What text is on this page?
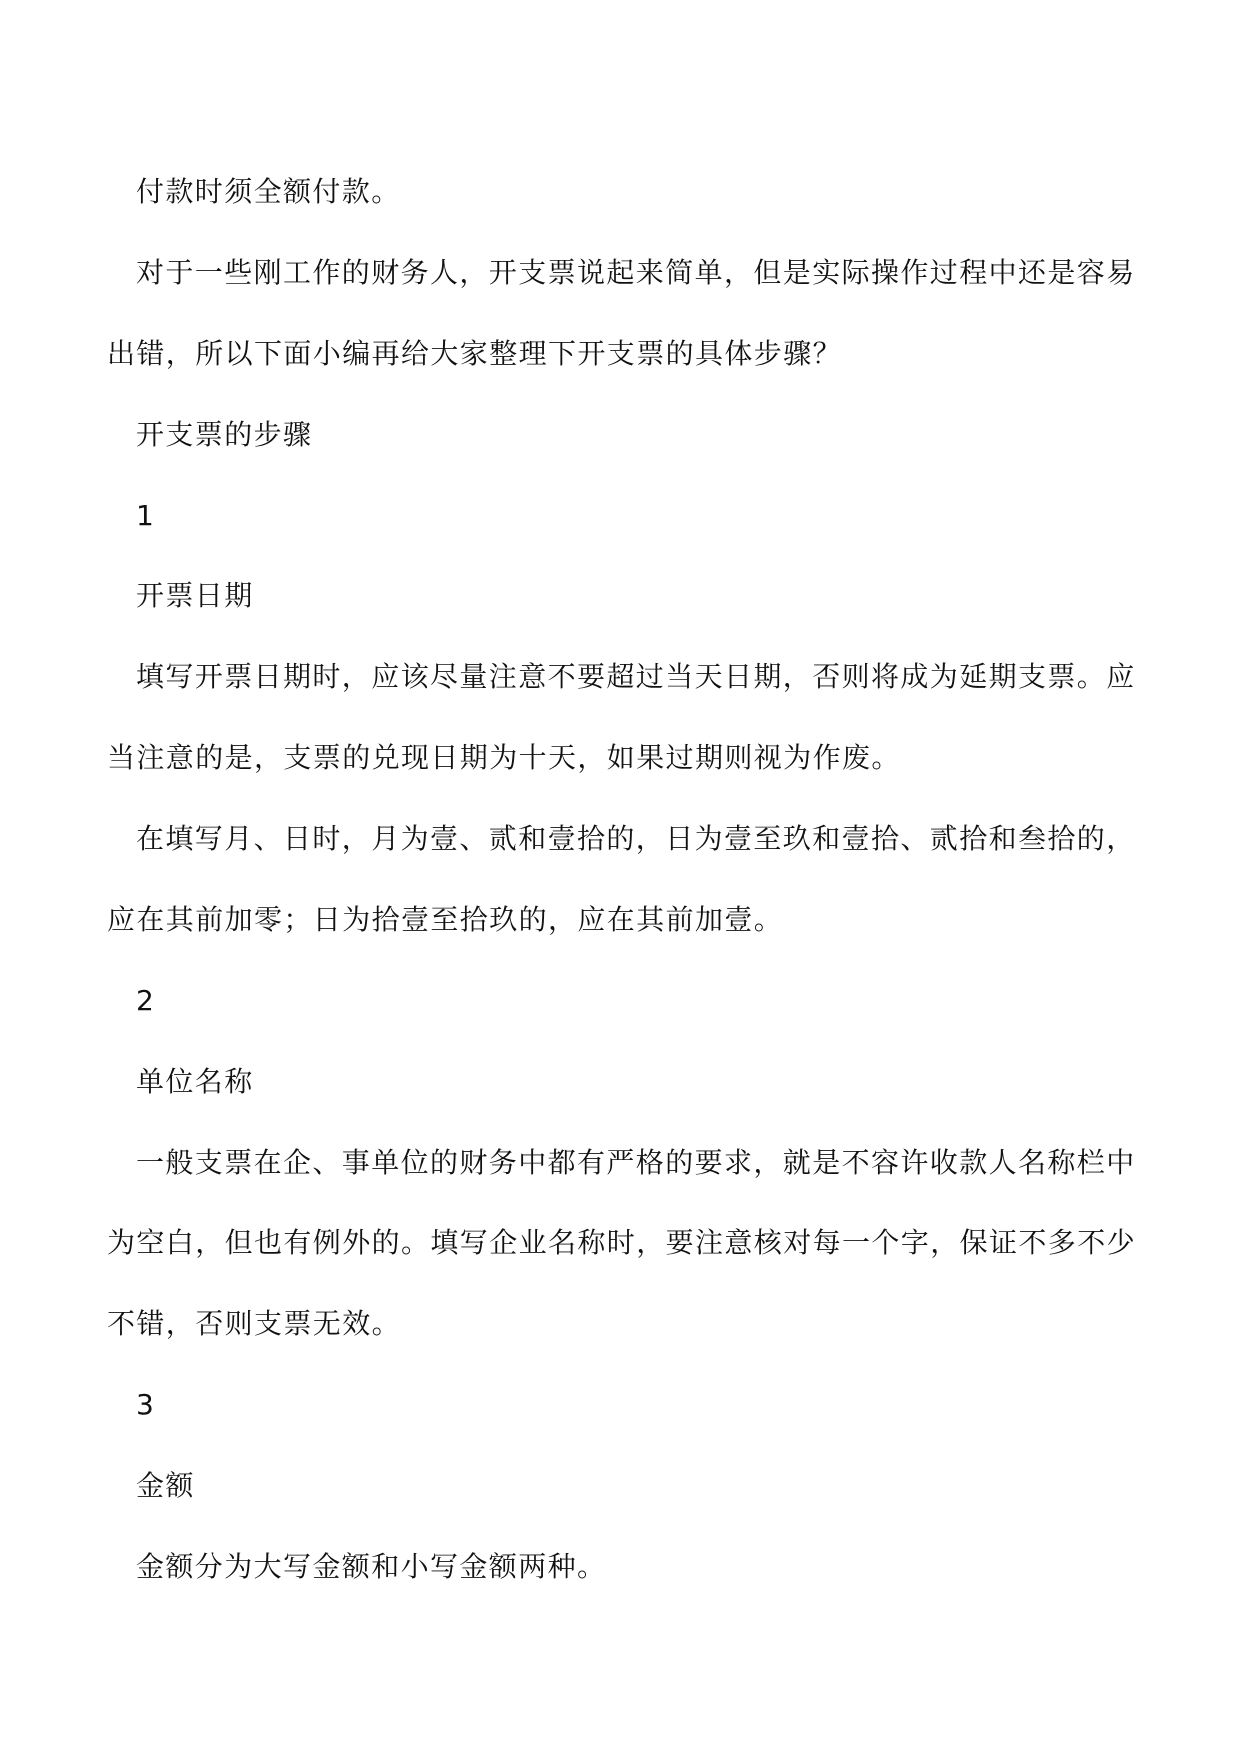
付款时须全额付款。
对于一些刚工作的财务人，开支票说起来简单，但是实际操作过程中还是容易
出错，所以下面小编再给大家整理下开支票的具体步骤？
开支票的步骤
1
开票日期
填写开票日期时，应该尽量注意不要超过当天日期，否则将成为延期支票。应
当注意的是，支票的兑现日期为十天，如果过期则视为作废。
在填写月、日时，月为壹、贰和壹拾的，日为壹至玖和壹拾、贰拾和叁拾的，
应在其前加零；日为拾壹至拾玖的，应在其前加壹。
2
单位名称
一般支票在企、事单位的财务中都有严格的要求，就是不容许收款人名称栏中
为空白，但也有例外的。填写企业名称时，要注意核对每一个字，保证不多不少
不错，否则支票无效。
3
金额
金额分为大写金额和小写金额两种。
